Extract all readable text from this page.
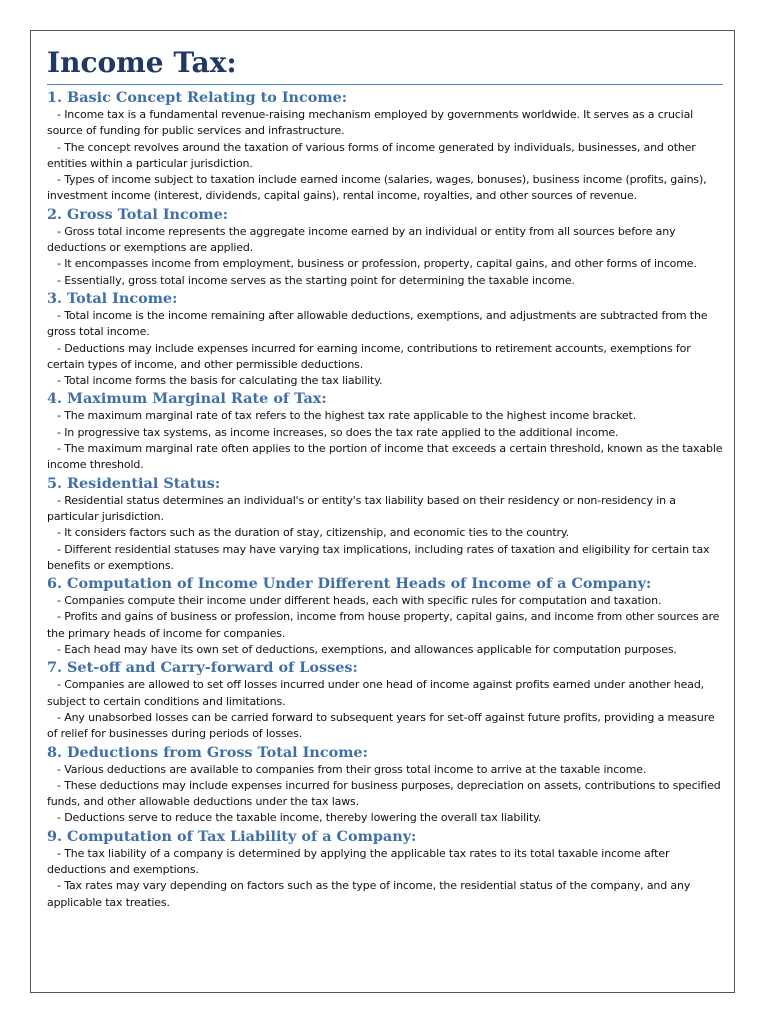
Income Tax:
1. Basic Concept Relating to Income:

- Income tax is a fundamental revenue-raising mechanism employed by governments worldwide. It serves as a crucial source of funding for public services and infrastructure.

- The concept revolves around the taxation of various forms of income generated by individuals, businesses, and other entities within a particular jurisdiction.

- Types of income subject to taxation include earned income (salaries, wages, bonuses), business income (profits, gains), investment income (interest, dividends, capital gains), rental income, royalties, and other sources of revenue.

2. Gross Total Income:

- Gross total income represents the aggregate income earned by an individual or entity from all sources before any deductions or exemptions are applied.

- It encompasses income from employment, business or profession, property, capital gains, and other forms of income.

- Essentially, gross total income serves as the starting point for determining the taxable income.

3. Total Income:

- Total income is the income remaining after allowable deductions, exemptions, and adjustments are subtracted from the gross total income.

- Deductions may include expenses incurred for earning income, contributions to retirement accounts, exemptions for certain types of income, and other permissible deductions.

- Total income forms the basis for calculating the tax liability.

4. Maximum Marginal Rate of Tax:

- The maximum marginal rate of tax refers to the highest tax rate applicable to the highest income bracket.

- In progressive tax systems, as income increases, so does the tax rate applied to the additional income.

- The maximum marginal rate often applies to the portion of income that exceeds a certain threshold, known as the taxable income threshold.

5. Residential Status:

- Residential status determines an individual's or entity's tax liability based on their residency or non-residency in a particular jurisdiction.

- It considers factors such as the duration of stay, citizenship, and economic ties to the country.

- Different residential statuses may have varying tax implications, including rates of taxation and eligibility for certain tax benefits or exemptions.

6. Computation of Income Under Different Heads of Income of a Company:

- Companies compute their income under different heads, each with specific rules for computation and taxation.

- Profits and gains of business or profession, income from house property, capital gains, and income from other sources are the primary heads of income for companies.

- Each head may have its own set of deductions, exemptions, and allowances applicable for computation purposes.

7. Set-off and Carry-forward of Losses:

- Companies are allowed to set off losses incurred under one head of income against profits earned under another head, subject to certain conditions and limitations.

- Any unabsorbed losses can be carried forward to subsequent years for set-off against future profits, providing a measure of relief for businesses during periods of losses.

8. Deductions from Gross Total Income:

- Various deductions are available to companies from their gross total income to arrive at the taxable income.

- These deductions may include expenses incurred for business purposes, depreciation on assets, contributions to specified funds, and other allowable deductions under the tax laws.

- Deductions serve to reduce the taxable income, thereby lowering the overall tax liability.

9. Computation of Tax Liability of a Company:

- The tax liability of a company is determined by applying the applicable tax rates to its total taxable income after deductions and exemptions.

- Tax rates may vary depending on factors such as the type of income, the residential status of the company, and any applicable tax treaties.
